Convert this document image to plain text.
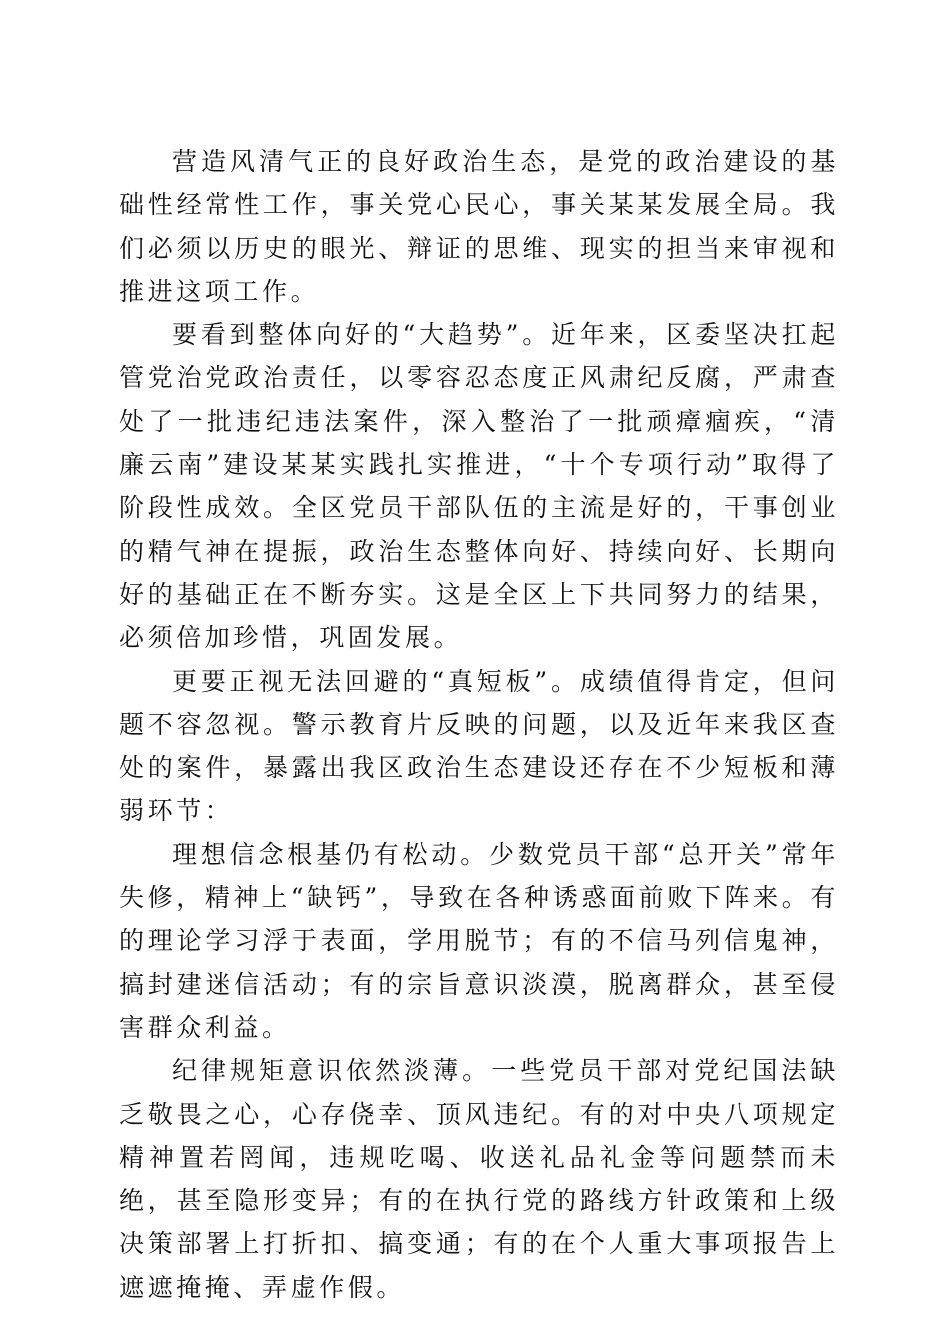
营造风清气正的良好政治生态，是党的政治建设的基础性经常性工作，事关党心民心，事关某某发展全局。我们必须以历史的眼光、辩证的思维、现实的担当来审视和推进这项工作。

要看到整体向好的“大趋势”。近年来，区委坚决扛起管党治党政治责任，以零容忍态度正风肃纪反腐，严肃查处了一批违纪违法案件，深入整治了一批顽瘴痼疾，“清廉云南”建设某某实践扎实推进，“十个专项行动”取得了阶段性成效。全区党员干部队伍的主流是好的，干事创业的精气神在提振，政治生态整体向好、持续向好、长期向好的基础正在不断夯实。这是全区上下共同努力的结果，必须倍加珍惜，巩固发展。

更要正视无法回避的“真短板”。成绩值得肯定，但问题不容忽视。警示教育片反映的问题，以及近年来我区查处的案件，暴露出我区政治生态建设还存在不少短板和薄弱环节：

理想信念根基仍有松动。少数党员干部“总开关”常年失修，精神上“缺钙”，导致在各种诱惑面前败下阵来。有的理论学习浮于表面，学用脱节；有的不信马列信鬼神，搞封建迷信活动；有的宗旨意识淡漠，脱离群众，甚至侵害群众利益。

纪律规矩意识依然淡薄。一些党员干部对党纪国法缺乏敬畏之心，心存侥幸、顶风违纪。有的对中央八项规定精神置若罔闻，违规吃喝、收送礼品礼金等问题禁而未绝，甚至隐形变异；有的在执行党的路线方针政策和上级决策部署上打折扣、搞变通；有的在个人重大事项报告上遮遮掩掩、弄虚作假。
